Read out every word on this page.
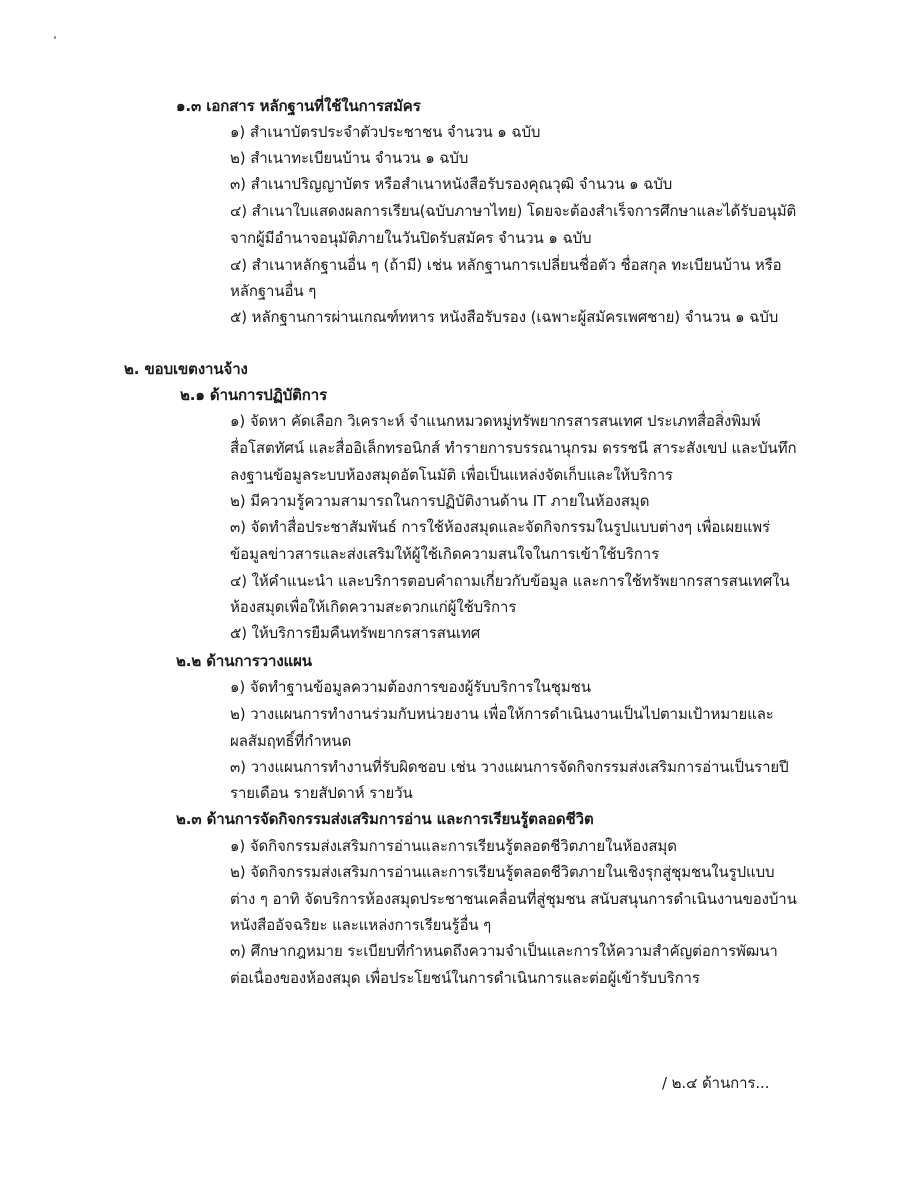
๑.๓ เอกสาร หลักฐานที่ใช้ในการสมัคร
๑) สำเนาบัตรประจำตัวประชาชน จำนวน ๑ ฉบับ
๒) สำเนาทะเบียนบ้าน จำนวน ๑ ฉบับ
๓) สำเนาปริญญาบัตร หรือสำเนาหนังสือรับรองคุณวุฒิ จำนวน ๑ ฉบับ
๔) สำเนาใบแสดงผลการเรียน(ฉบับภาษาไทย) โดยจะต้องสำเร็จการศึกษาและได้รับอนุมัติ
จากผู้มีอำนาจอนุมัติภายในวันปิดรับสมัคร จำนวน ๑ ฉบับ
๔) สำเนาหลักฐานอื่น ๆ (ถ้ามี) เช่น หลักฐานการเปลี่ยนชื่อตัว ชื่อสกุล ทะเบียนบ้าน หรือ
หลักฐานอื่น ๆ
๕) หลักฐานการผ่านเกณฑ์ทหาร หนังสือรับรอง (เฉพาะผู้สมัครเพศชาย) จำนวน ๑ ฉบับ
๒. ขอบเขตงานจ้าง
๒.๑ ด้านการปฏิบัติการ
๑) จัดหา คัดเลือก วิเคราะห์ จำแนกหมวดหมู่ทรัพยากรสารสนเทศ ประเภทสื่อสิ่งพิมพ์
สื่อโสตทัศน์ และสื่ออิเล็กทรอนิกส์ ทำรายการบรรณานุกรม ดรรชนี สาระสังเขป และบันทึก
ลงฐานข้อมูลระบบห้องสมุดอัตโนมัติ เพื่อเป็นแหล่งจัดเก็บและให้บริการ
๒) มีความรู้ความสามารถในการปฏิบัติงานด้าน IT ภายในห้องสมุด
๓) จัดทำสื่อประชาสัมพันธ์ การใช้ห้องสมุดและจัดกิจกรรมในรูปแบบต่างๆ เพื่อเผยแพร่
ข้อมูลข่าวสารและส่งเสริมให้ผู้ใช้เกิดความสนใจในการเข้าใช้บริการ
๔) ให้คำแนะนำ และบริการตอบคำถามเกี่ยวกับข้อมูล และการใช้ทรัพยากรสารสนเทศใน
ห้องสมุดเพื่อให้เกิดความสะดวกแก่ผู้ใช้บริการ
๕) ให้บริการยืมคืนทรัพยากรสารสนเทศ
๒.๒ ด้านการวางแผน
๑) จัดทำฐานข้อมูลความต้องการของผู้รับบริการในชุมชน
๒) วางแผนการทำงานร่วมกับหน่วยงาน เพื่อให้การดำเนินงานเป็นไปตามเป้าหมายและ
ผลสัมฤทธิ์ที่กำหนด
๓) วางแผนการทำงานที่รับผิดชอบ เช่น วางแผนการจัดกิจกรรมส่งเสริมการอ่านเป็นรายปี
รายเดือน รายสัปดาห์ รายวัน
๒.๓ ด้านการจัดกิจกรรมส่งเสริมการอ่าน และการเรียนรู้ตลอดชีวิต
๑) จัดกิจกรรมส่งเสริมการอ่านและการเรียนรู้ตลอดชีวิตภายในห้องสมุด
๒) จัดกิจกรรมส่งเสริมการอ่านและการเรียนรู้ตลอดชีวิตภายในเชิงรุกสู่ชุมชนในรูปแบบ
ต่าง ๆ อาทิ จัดบริการห้องสมุดประชาชนเคลื่อนที่สู่ชุมชน สนับสนุนการดำเนินงานของบ้าน
หนังสืออัจฉริยะ และแหล่งการเรียนรู้อื่น ๆ
๓) ศึกษากฎหมาย ระเบียบที่กำหนดถึงความจำเป็นและการให้ความสำคัญต่อการพัฒนา
ต่อเนื่องของห้องสมุด เพื่อประโยชน์ในการดำเนินการและต่อผู้เข้ารับบริการ
/ ๒.๔ ด้านการ...
